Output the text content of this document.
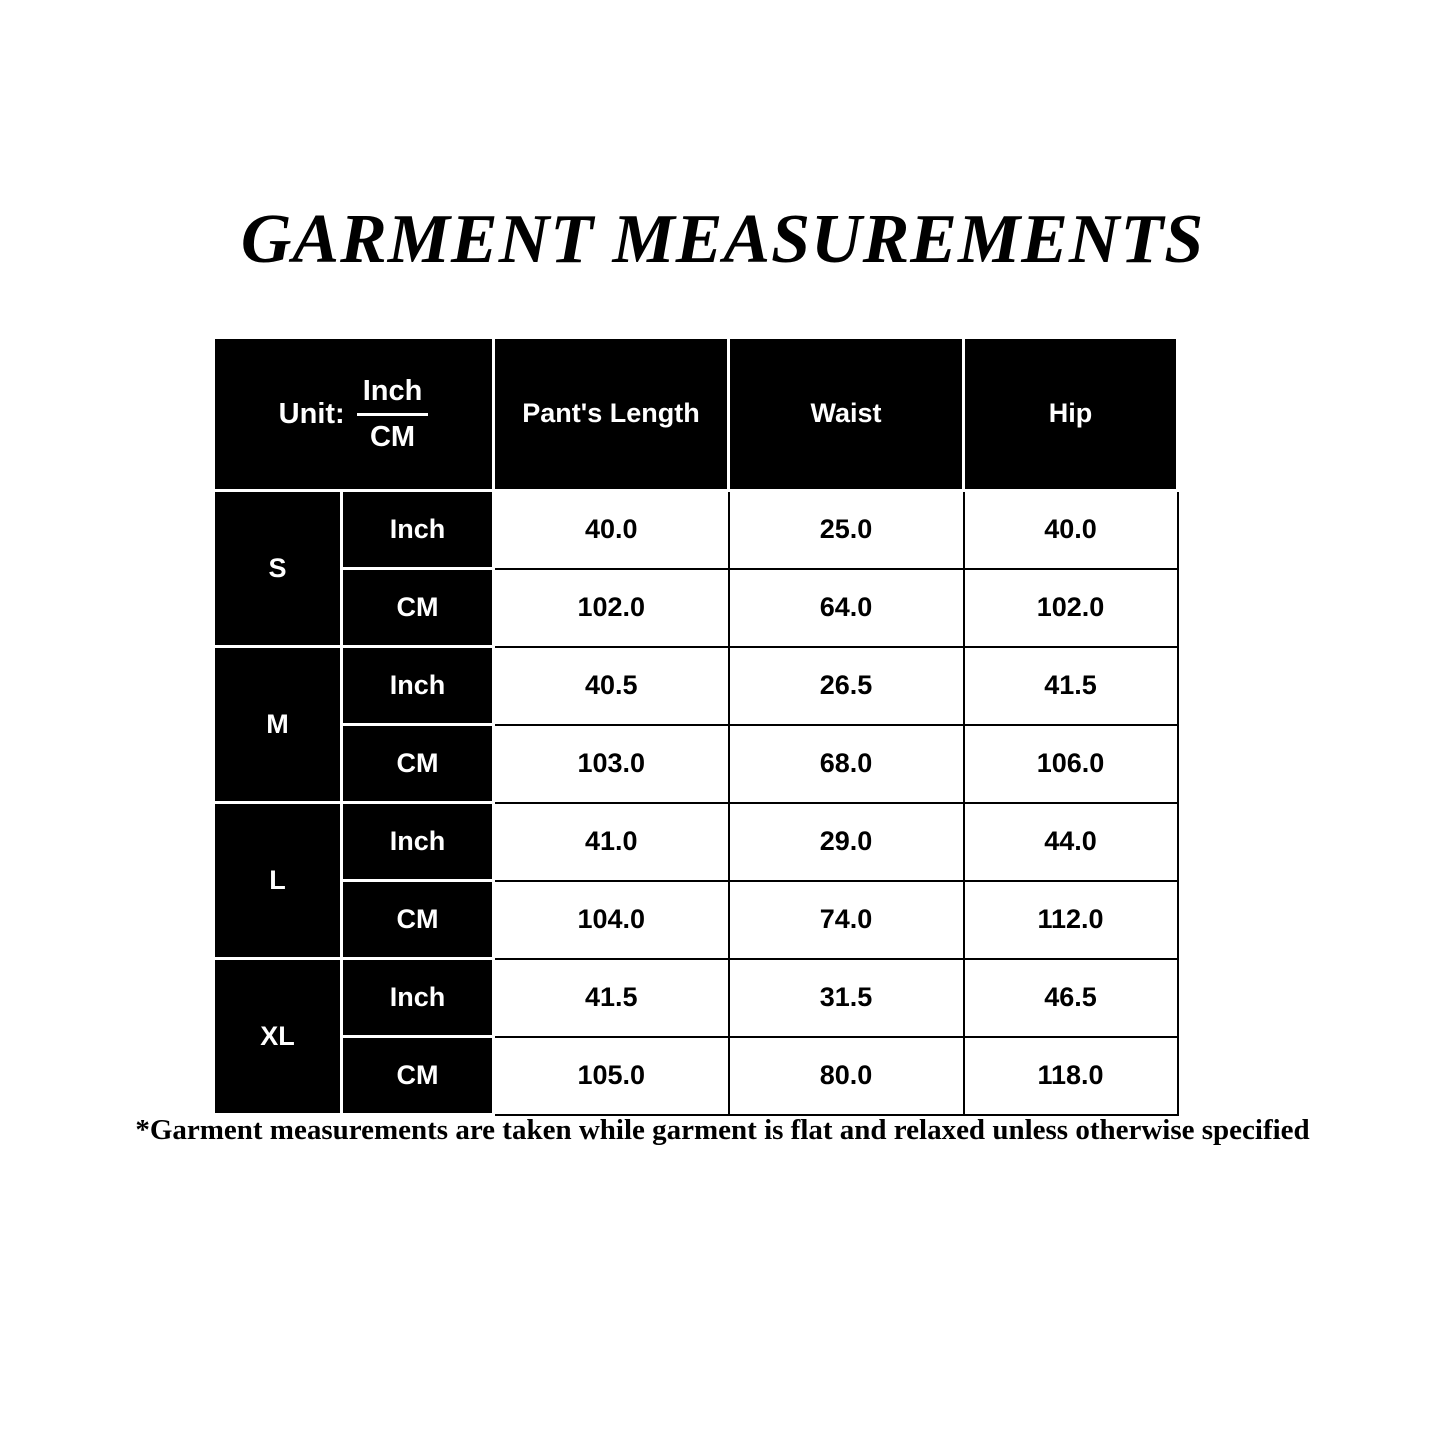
GARMENT MEASUREMENTS
Unit: $\frac{\text{Inch}}{CM}$		Pant's Length	Waist	Hip
S	Inch	40.0	25.0	40.0
	CM	102.0	64.0	102.0
M	Inch	40.5	26.5	41.5
	CM	103.0	68.0	106.0
L	Inch	41.0	29.0	44.0
	CM	104.0	74.0	112.0
XL	Inch	41.5	31.5	46.5
	CM	105.0	80.0	118.0
*Garment measurements are taken while garment is flat and relaxed unless otherwise specified
